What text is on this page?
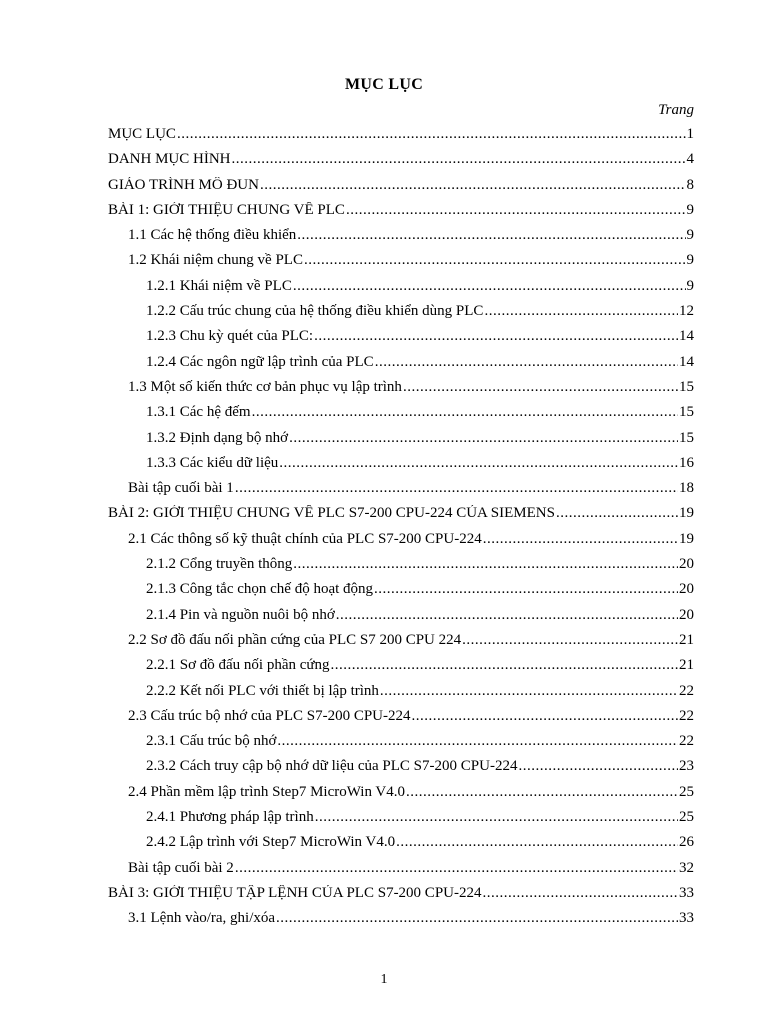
MỤC LỤC
Trang
MỤC LỤC .....	1
DANH MỤC HÌNH .....	4
GIÁO TRÌNH MÔ ĐUN .....	8
BÀI 1: GIỚI THIỆU CHUNG VỀ PLC .....	9
1.1 Các hệ thống điều khiển .....	9
1.2 Khái niệm chung về PLC .....	9
1.2.1 Khái niệm về PLC .....	9
1.2.2 Cấu trúc chung của hệ thống điều khiển dùng PLC .....	12
1.2.3 Chu kỳ quét của PLC: .....	14
1.2.4 Các ngôn ngữ lập trình của PLC .....	14
1.3 Một số kiến thức cơ bản phục vụ lập trình .....	15
1.3.1 Các hệ đếm .....	15
1.3.2 Định dạng bộ nhớ .....	15
1.3.3 Các kiểu dữ liệu .....	16
Bài tập cuối bài 1 .....	18
BÀI 2: GIỚI THIỆU CHUNG VỀ PLC S7-200 CPU-224 CỦA SIEMENS .....	19
2.1 Các thông số kỹ thuật chính của PLC S7-200 CPU-224 .....	19
2.1.2 Cổng truyền thông .....	20
2.1.3 Công tắc chọn chế độ hoạt động .....	20
2.1.4 Pin và nguồn nuôi bộ nhớ .....	20
2.2 Sơ đồ đấu nối phần cứng của PLC S7 200 CPU 224 .....	21
2.2.1 Sơ đồ đấu nối phần cứng .....	21
2.2.2 Kết nối PLC với thiết bị lập trình .....	22
2.3 Cấu trúc bộ nhớ của PLC S7-200 CPU-224 .....	22
2.3.1 Cấu trúc bộ nhớ .....	22
2.3.2 Cách truy cập bộ nhớ dữ liệu của PLC S7-200 CPU-224 .....	23
2.4 Phần mềm lập trình Step7 MicroWin V4.0 .....	25
2.4.1 Phương pháp lập trình .....	25
2.4.2 Lập trình với Step7 MicroWin V4.0 .....	26
Bài tập cuối bài 2 .....	32
BÀI 3: GIỚI THIỆU TẬP LỆNH CỦA PLC S7-200 CPU-224 .....	33
3.1 Lệnh vào/ra, ghi/xóa .....	33
1
